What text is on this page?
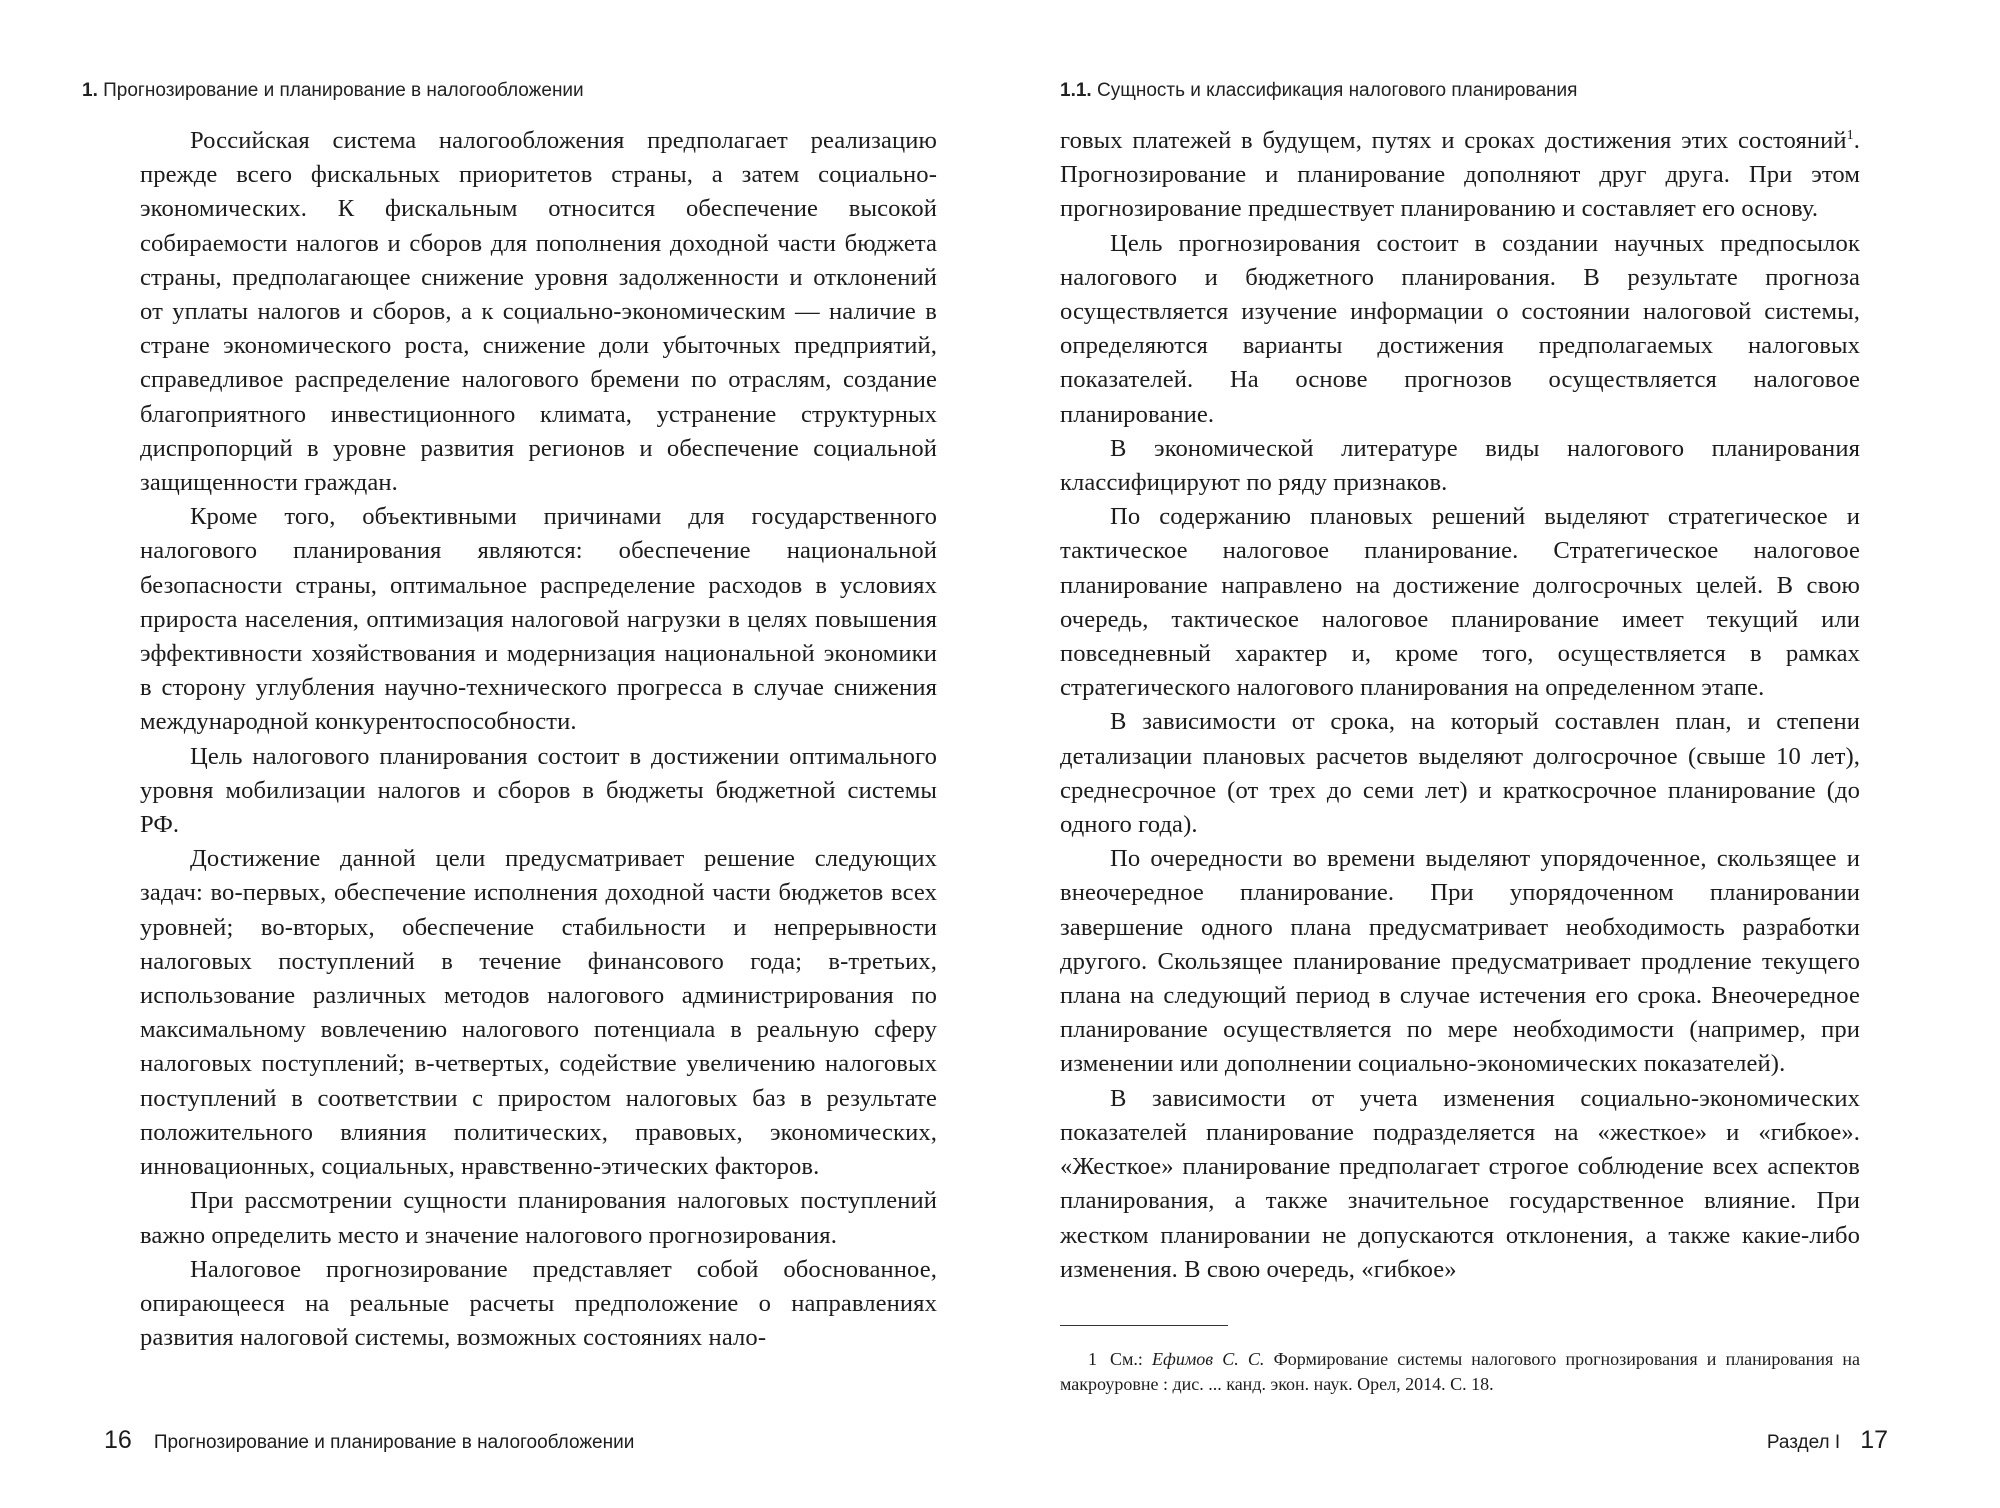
1. Прогнозирование и планирование в налогообложении

Российская система налогообложения предполагает реализацию прежде всего фискальных приоритетов страны, а затем социально-экономических. К фискальным относится обеспечение высокой собираемости налогов и сборов для пополнения доходной части бюджета страны, предполагающее снижение уровня задолженности и отклонений от уплаты налогов и сборов, а к социально-экономическим — наличие в стране экономического роста, снижение доли убыточных предприятий, справедливое распределение налогового бремени по отраслям, создание благоприятного инвестиционного климата, устранение структурных диспропорций в уровне развития регионов и обеспечение социальной защищенности граждан.

Кроме того, объективными причинами для государственного налогового планирования являются: обеспечение национальной безопасности страны, оптимальное распределение расходов в условиях прироста населения, оптимизация налоговой нагрузки в целях повышения эффективности хозяйствования и модернизация национальной экономики в сторону углубления научно-технического прогресса в случае снижения международной конкурентоспособности.

Цель налогового планирования состоит в достижении оптимального уровня мобилизации налогов и сборов в бюджеты бюджетной системы РФ.

Достижение данной цели предусматривает решение следующих задач: во-первых, обеспечение исполнения доходной части бюджетов всех уровней; во-вторых, обеспечение стабильности и непрерывности налоговых поступлений в течение финансового года; в-третьих, использование различных методов налогового администрирования по максимальному вовлечению налогового потенциала в реальную сферу налоговых поступлений; в-четвертых, содействие увеличению налоговых поступлений в соответствии с приростом налоговых баз в результате положительного влияния политических, правовых, экономических, инновационных, социальных, нравственно-этических факторов.

При рассмотрении сущности планирования налоговых поступлений важно определить место и значение налогового прогнозирования.

Налоговое прогнозирование представляет собой обоснованное, опирающееся на реальные расчеты предположение о направлениях развития налоговой системы, возможных состояниях нало-

16 Прогнозирование и планирование в налогообложении
1.1. Сущность и классификация налогового планирования

говых платежей в будущем, путях и сроках достижения этих состояний$^1$. Прогнозирование и планирование дополняют друг друга. При этом прогнозирование предшествует планированию и составляет его основу.

Цель прогнозирования состоит в создании научных предпосылок налогового и бюджетного планирования. В результате прогноза осуществляется изучение информации о состоянии налоговой системы, определяются варианты достижения предполагаемых налоговых показателей. На основе прогнозов осуществляется налоговое планирование.

В экономической литературе виды налогового планирования классифицируют по ряду признаков.

По содержанию плановых решений выделяют стратегическое и тактическое налоговое планирование. Стратегическое налоговое планирование направлено на достижение долгосрочных целей. В свою очередь, тактическое налоговое планирование имеет текущий или повседневный характер и, кроме того, осуществляется в рамках стратегического налогового планирования на определенном этапе.

В зависимости от срока, на который составлен план, и степени детализации плановых расчетов выделяют долгосрочное (свыше 10 лет), среднесрочное (от трех до семи лет) и краткосрочное планирование (до одного года).

По очередности во времени выделяют упорядоченное, скользящее и внеочередное планирование. При упорядоченном планировании завершение одного плана предусматривает необходимость разработки другого. Скользящее планирование предусматривает продление текущего плана на следующий период в случае истечения его срока. Внеочередное планирование осуществляется по мере необходимости (например, при изменении или дополнении социально-экономических показателей).

В зависимости от учета изменения социально-экономических показателей планирование подразделяется на «жесткое» и «гибкое». «Жесткое» планирование предполагает строгое соблюдение всех аспектов планирования, а также значительное государственное влияние. При жестком планировании не допускаются отклонения, а также какие-либо изменения. В свою очередь, «гибкое»

1 См.: Ефимов С. С. Формирование системы налогового прогнозирования и планирования на макроуровне : дис. ... канд. экон. наук. Орел, 2014. С. 18.

Раздел I 17
